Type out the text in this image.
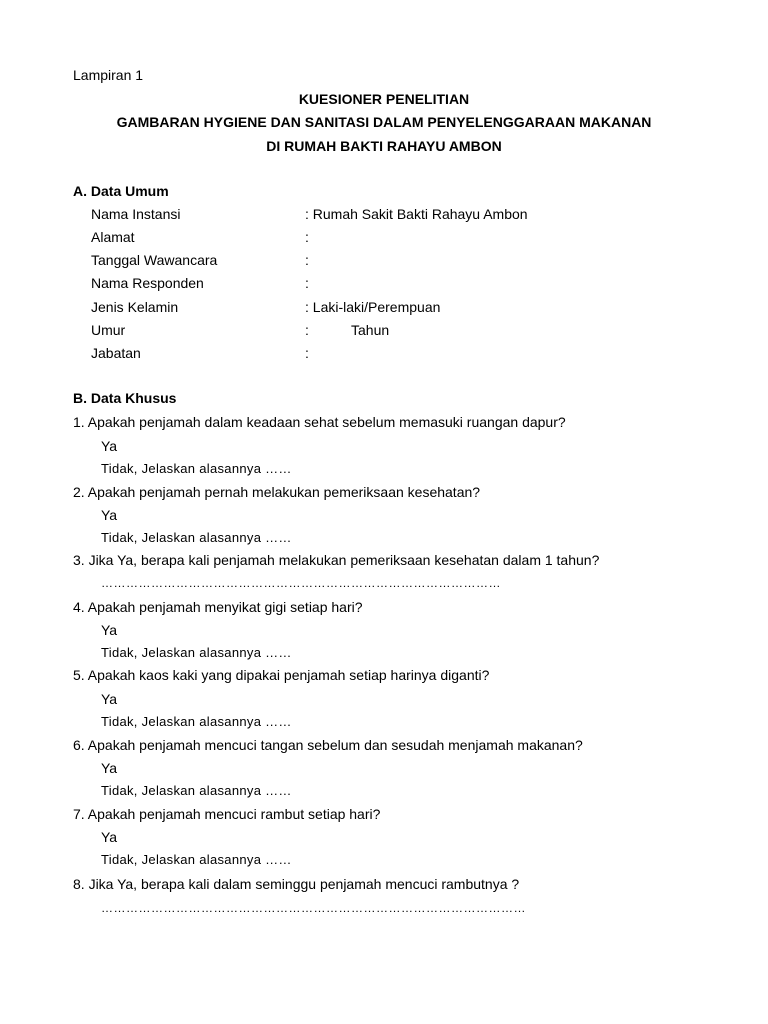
Lampiran 1
KUESIONER PENELITIAN
GAMBARAN HYGIENE DAN SANITASI DALAM PENYELENGGARAAN MAKANAN
DI RUMAH BAKTI RAHAYU AMBON
A. Data Umum
Nama Instansi	: Rumah Sakit Bakti Rahayu Ambon
Alamat	:
Tanggal Wawancara	:
Nama Responden	:
Jenis Kelamin	: Laki-laki/Perempuan
Umur	:	Tahun
Jabatan	:
B. Data Khusus
1. Apakah penjamah dalam keadaan sehat sebelum memasuki ruangan dapur?
Ya
Tidak, Jelaskan alasannya ……
2. Apakah penjamah pernah melakukan pemeriksaan kesehatan?
Ya
Tidak, Jelaskan alasannya ……
3. Jika Ya, berapa kali penjamah melakukan pemeriksaan kesehatan dalam 1 tahun?
……………………………………………………………………………………
4. Apakah penjamah menyikat gigi setiap hari?
Ya
Tidak, Jelaskan alasannya ……
5. Apakah kaos kaki yang dipakai penjamah setiap harinya diganti?
Ya
Tidak, Jelaskan alasannya ……
6. Apakah penjamah mencuci tangan sebelum dan sesudah menjamah makanan?
Ya
Tidak, Jelaskan alasannya ……
7. Apakah penjamah mencuci rambut setiap hari?
Ya
Tidak, Jelaskan alasannya ……
8. Jika Ya, berapa kali dalam seminggu penjamah mencuci rambutnya ?
…………………………………………………………………………………………
